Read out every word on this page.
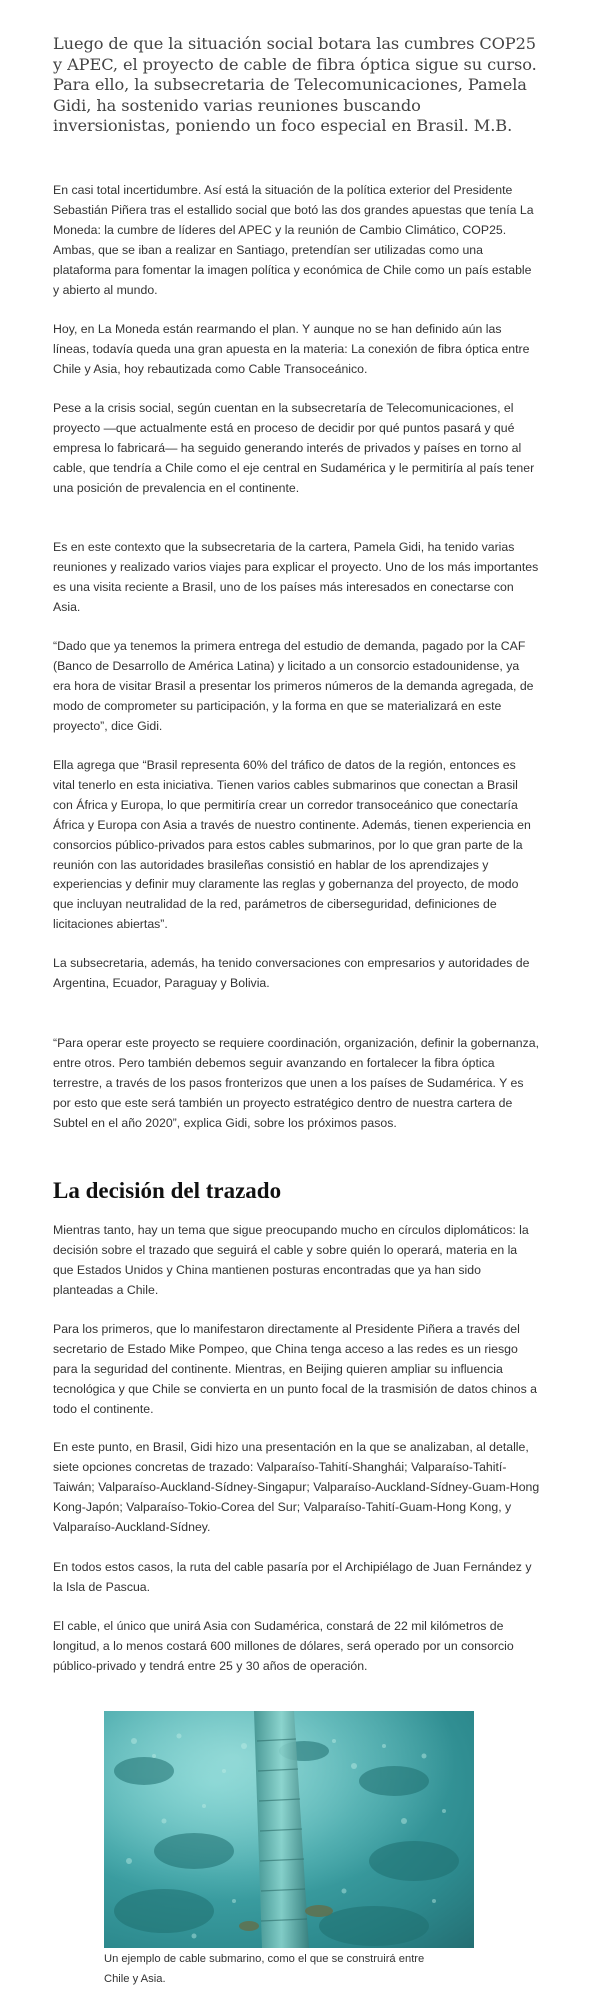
Luego de que la situación social botara las cumbres COP25 y APEC, el proyecto de cable de fibra óptica sigue su curso. Para ello, la subsecretaria de Telecomunicaciones, Pamela Gidi, ha sostenido varias reuniones buscando inversionistas, poniendo un foco especial en Brasil. M.B.

En casi total incertidumbre. Así está la situación de la política exterior del Presidente Sebastián Piñera tras el estallido social que botó las dos grandes apuestas que tenía La Moneda: la cumbre de líderes del APEC y la reunión de Cambio Climático, COP25. Ambas, que se iban a realizar en Santiago, pretendían ser utilizadas como una plataforma para fomentar la imagen política y económica de Chile como un país estable y abierto al mundo.

Hoy, en La Moneda están rearmando el plan. Y aunque no se han definido aún las líneas, todavía queda una gran apuesta en la materia: La conexión de fibra óptica entre Chile y Asia, hoy rebautizada como Cable Transoceánico.

Pese a la crisis social, según cuentan en la subsecretaría de Telecomunicaciones, el proyecto —que actualmente está en proceso de decidir por qué puntos pasará y qué empresa lo fabricará— ha seguido generando interés de privados y países en torno al cable, que tendría a Chile como el eje central en Sudamérica y le permitiría al país tener una posición de prevalencia en el continente.

Es en este contexto que la subsecretaria de la cartera, Pamela Gidi, ha tenido varias reuniones y realizado varios viajes para explicar el proyecto. Uno de los más importantes es una visita reciente a Brasil, uno de los países más interesados en conectarse con Asia.

“Dado que ya tenemos la primera entrega del estudio de demanda, pagado por la CAF (Banco de Desarrollo de América Latina) y licitado a un consorcio estadounidense, ya era hora de visitar Brasil a presentar los primeros números de la demanda agregada, de modo de comprometer su participación, y la forma en que se materializará en este proyecto”, dice Gidi.

Ella agrega que “Brasil representa 60% del tráfico de datos de la región, entonces es vital tenerlo en esta iniciativa. Tienen varios cables submarinos que conectan a Brasil con África y Europa, lo que permitiría crear un corredor transoceánico que conectaría África y Europa con Asia a través de nuestro continente. Además, tienen experiencia en consorcios público-privados para estos cables submarinos, por lo que gran parte de la reunión con las autoridades brasileñas consistió en hablar de los aprendizajes y experiencias y definir muy claramente las reglas y gobernanza del proyecto, de modo que incluyan neutralidad de la red, parámetros de ciberseguridad, definiciones de licitaciones abiertas”.

La subsecretaria, además, ha tenido conversaciones con empresarios y autoridades de Argentina, Ecuador, Paraguay y Bolivia.

“Para operar este proyecto se requiere coordinación, organización, definir la gobernanza, entre otros. Pero también debemos seguir avanzando en fortalecer la fibra óptica terrestre, a través de los pasos fronterizos que unen a los países de Sudamérica. Y es por esto que este será también un proyecto estratégico dentro de nuestra cartera de Subtel en el año 2020”, explica Gidi, sobre los próximos pasos.

La decisión del trazado

Mientras tanto, hay un tema que sigue preocupando mucho en círculos diplomáticos: la decisión sobre el trazado que seguirá el cable y sobre quién lo operará, materia en la que Estados Unidos y China mantienen posturas encontradas que ya han sido planteadas a Chile.

Para los primeros, que lo manifestaron directamente al Presidente Piñera a través del secretario de Estado Mike Pompeo, que China tenga acceso a las redes es un riesgo para la seguridad del continente. Mientras, en Beijing quieren ampliar su influencia tecnológica y que Chile se convierta en un punto focal de la trasmisión de datos chinos a todo el continente.

En este punto, en Brasil, Gidi hizo una presentación en la que se analizaban, al detalle, siete opciones concretas de trazado: Valparaíso-Tahití-Shanghái; Valparaíso-Tahití-Taiwán; Valparaíso-Auckland-Sídney-Singapur; Valparaíso-Auckland-Sídney-Guam-Hong Kong-Japón; Valparaíso-Tokio-Corea del Sur; Valparaíso-Tahití-Guam-Hong Kong, y Valparaíso-Auckland-Sídney.

En todos estos casos, la ruta del cable pasaría por el Archipiélago de Juan Fernández y la Isla de Pascua.

El cable, el único que unirá Asia con Sudamérica, constará de 22 mil kilómetros de longitud, a lo menos costará 600 millones de dólares, será operado por un consorcio público-privado y tendrá entre 25 y 30 años de operación.

Un ejemplo de cable submarino, como el que se construirá entre Chile y Asia.
